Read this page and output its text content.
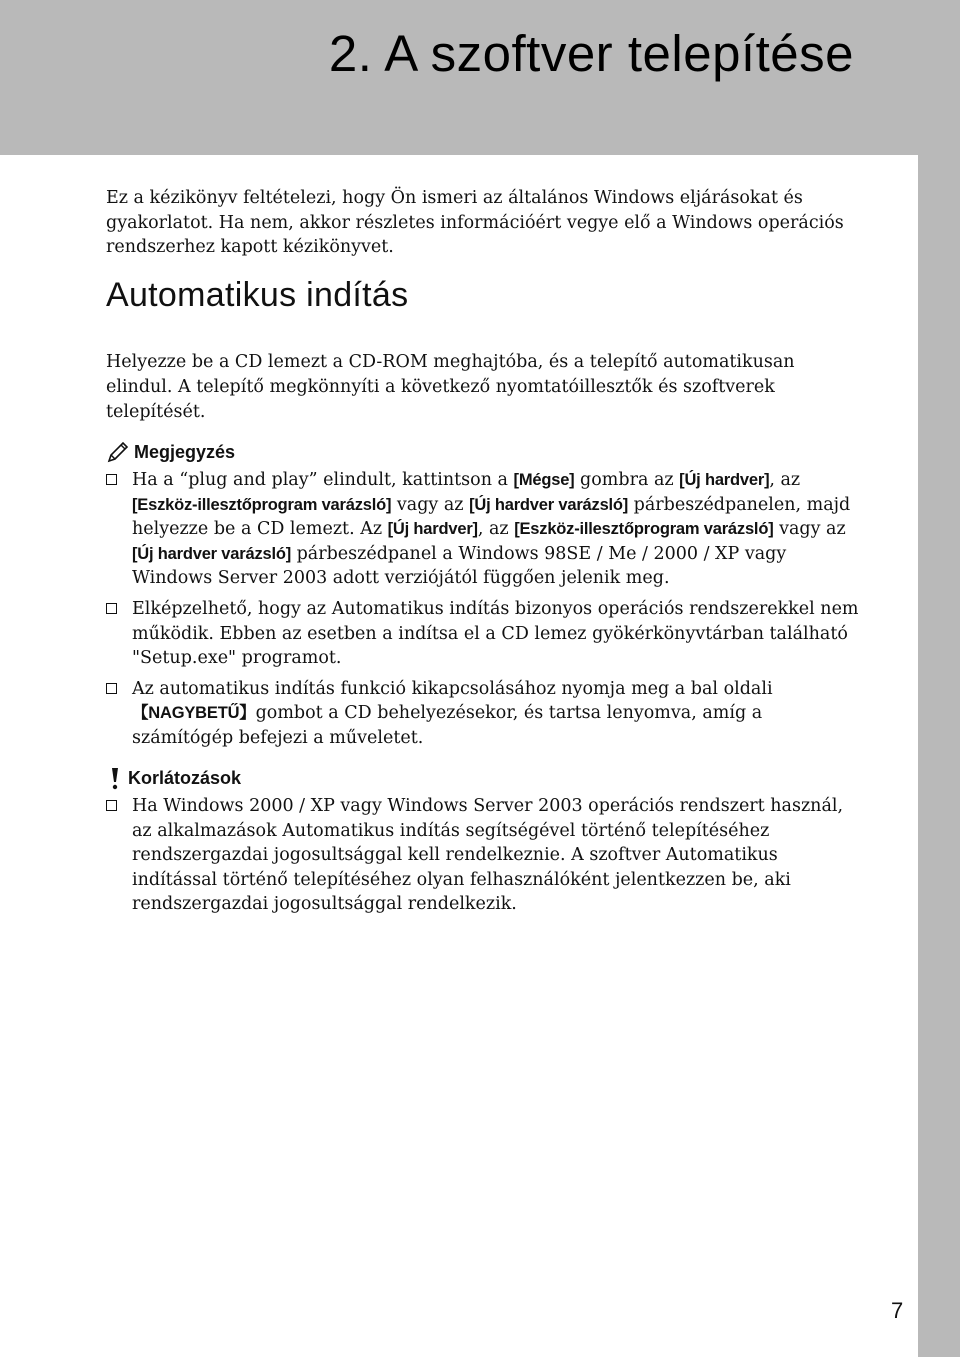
2. A szoftver telepítése

Ez a kézikönyv feltételezi, hogy Ön ismeri az általános Windows eljárásokat és gyakorlatot. Ha nem, akkor részletes információért vegye elő a Windows operációs rendszerhez kapott kézikönyvet.

Automatikus indítás

Helyezze be a CD lemezt a CD-ROM meghajtóba, és a telepítő automatikusan elindul. A telepítő megkönnyíti a következő nyomtatóillesztők és szoftverek telepítését.

Megjegyzés
Ha a “plug and play” elindult, kattintson a [Mégse] gombra az [Új hardver], az [Eszköz-illesztőprogram varázsló] vagy az [Új hardver varázsló] párbeszédpanelen, majd helyezze be a CD lemezt. Az [Új hardver], az [Eszköz-illesztőprogram varázsló] vagy az [Új hardver varázsló] párbeszédpanel a Windows 98SE / Me / 2000 / XP vagy Windows Server 2003 adott verziójától függően jelenik meg.
Elképzelhető, hogy az Automatikus indítás bizonyos operációs rendszerekkel nem működik. Ebben az esetben a indítsa el a CD lemez gyökérkönyvtárban található "Setup.exe" programot.
Az automatikus indítás funkció kikapcsolásához nyomja meg a bal oldali 【NAGYBETŰ】gombot a CD behelyezésekor, és tartsa lenyomva, amíg a számítógép befejezi a műveletet.
Korlátozások
Ha Windows 2000 / XP vagy Windows Server 2003 operációs rendszert használ, az alkalmazások Automatikus indítás segítségével történő telepítéséhez rendszergazdai jogosultsággal kell rendelkeznie. A szoftver Automatikus indítással történő telepítéséhez olyan felhasználóként jelentkezzen be, aki rendszergazdai jogosultsággal rendelkezik.
7
